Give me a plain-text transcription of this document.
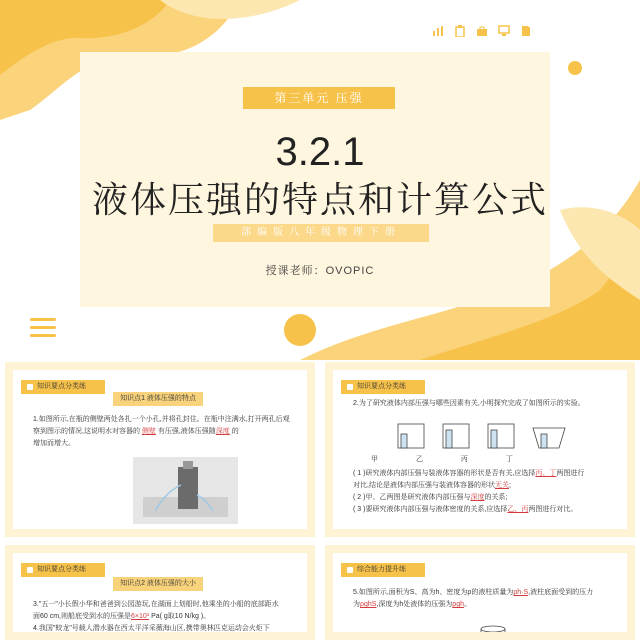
第三单元 压强
3.2.1
液体压强的特点和计算公式
部编版八年级物理下册
授课老师：OVOPIC
知识要点分类练
知识点1 液体压强的特点
1.如图所示,在瓶的侧壁两处各扎一个小孔,并将孔封住。在瓶中注满水,打开两孔后观
察到图示的情况,这说明水对容器的 侧壁 有压强,液体压强随深度 的
增加而增大。
知识要点分类练
2.为了研究液体内部压强与哪些因素有关,小明探究完成了如图所示的实验。
甲	乙	丙	丁
( 1 )研究液体内部压强与装液体容器的形状是否有关,应选择丙、丁两图进行
对比,结论是液体内部压强与装液体容器的形状无关;
( 2 )甲、乙两图是研究液体内部压强与深度的关系;
( 3 )要研究液体内部压强与液体密度的关系,应选择乙、丙两图进行对比。
知识要点分类练
知识点2 液体压强的大小
3."五一"小长假小华和爸爸到公园游玩,在湖面上划船时,他乘坐的小船的底部距水
面60 cm,则船底受到水的压强是6×10³ Pa( g取10 N/kg )。
4.我国"蛟龙"号载人潜水器在西太平洋采薇海山区,携带奥林匹克运动会火炬下
综合能力提升练
5.如图所示,面积为S、高为h、密度为ρ的液柱质量为ρh·S,液柱底面受到的压力
为ρghS,深度为h处液体的压强为ρgh。
